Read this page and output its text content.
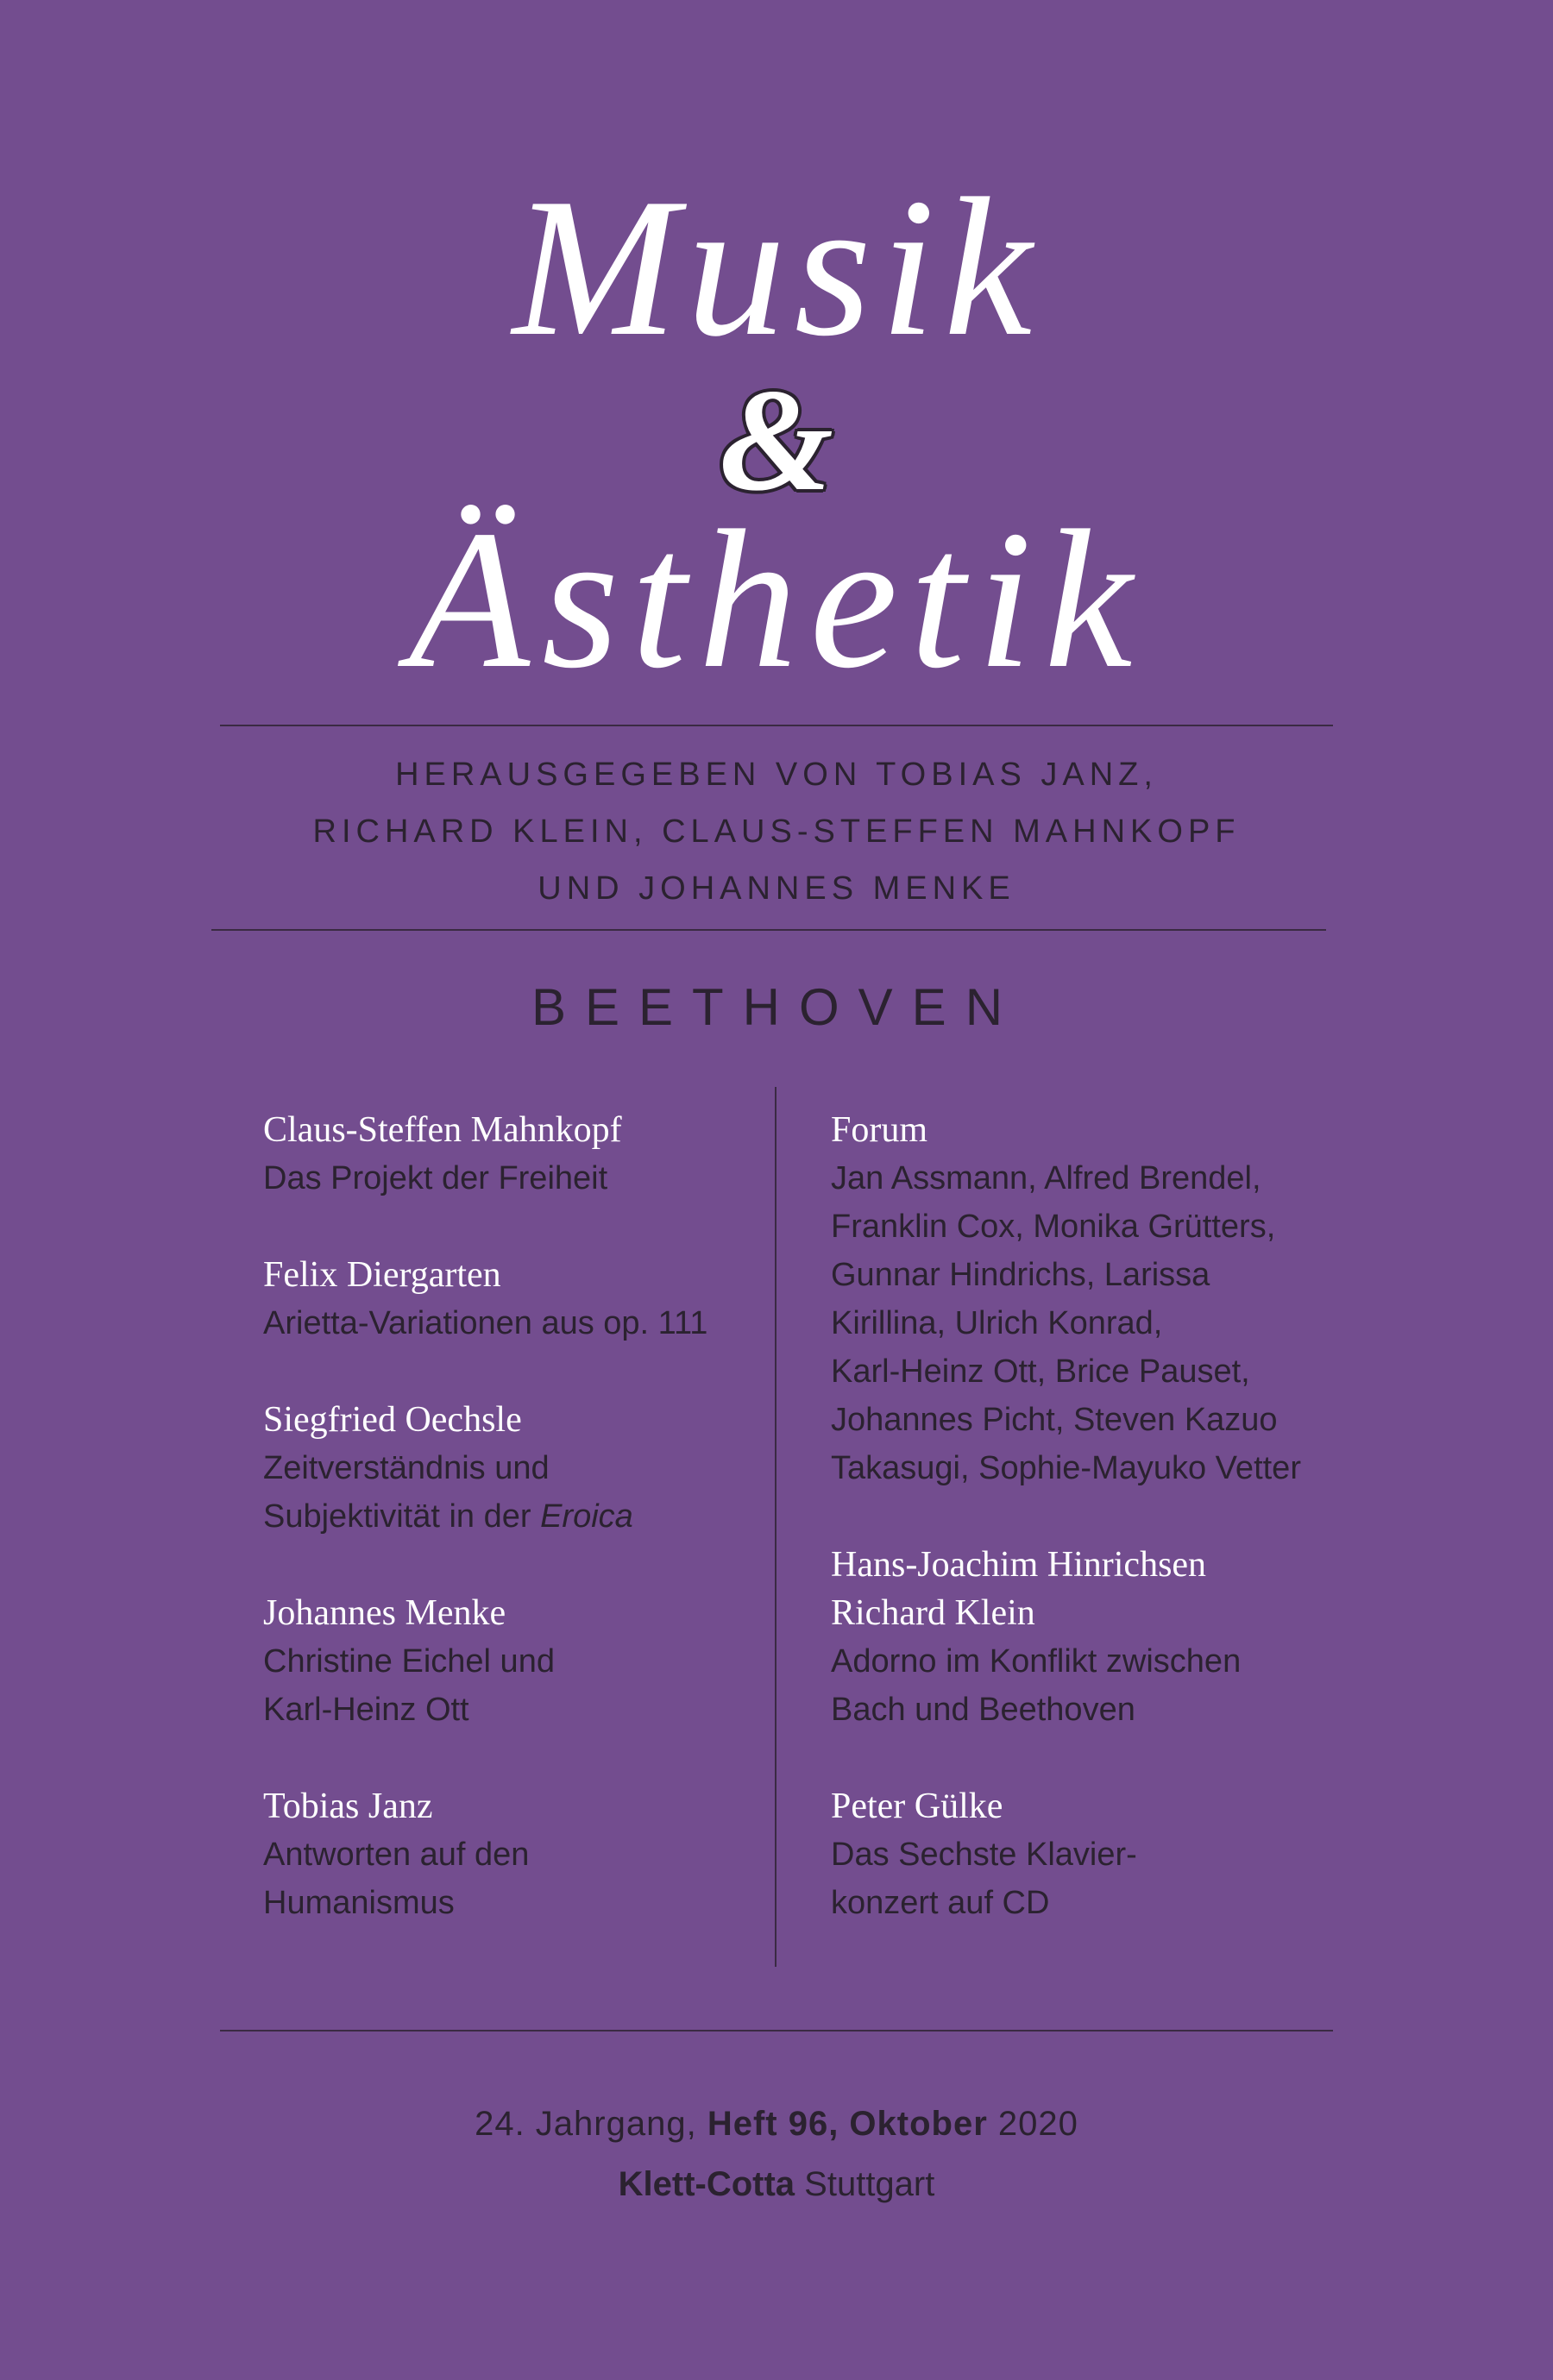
Musik
&
Ästhetik
HERAUSGEGEBEN VON TOBIAS JANZ,
RICHARD KLEIN, CLAUS-STEFFEN MAHNKOPF
UND JOHANNES MENKE
BEETHOVEN
Claus-Steffen Mahnkopf
Das Projekt der Freiheit
Felix Diergarten
Arietta-Variationen aus op. 111
Siegfried Oechsle
Zeitverständnis und
Subjektivität in der Eroica
Johannes Menke
Christine Eichel und
Karl-Heinz Ott
Tobias Janz
Antworten auf den
Humanismus
Forum
Jan Assmann, Alfred Brendel,
Franklin Cox, Monika Grütters,
Gunnar Hindrichs, Larissa
Kirillina, Ulrich Konrad,
Karl-Heinz Ott, Brice Pauset,
Johannes Picht, Steven Kazuo
Takasugi, Sophie-Mayuko Vetter
Hans-Joachim Hinrichsen
Richard Klein
Adorno im Konflikt zwischen
Bach und Beethoven
Peter Gülke
Das Sechste Klavier-
konzert auf CD
24. Jahrgang, Heft 96, Oktober 2020
Klett-Cotta Stuttgart
